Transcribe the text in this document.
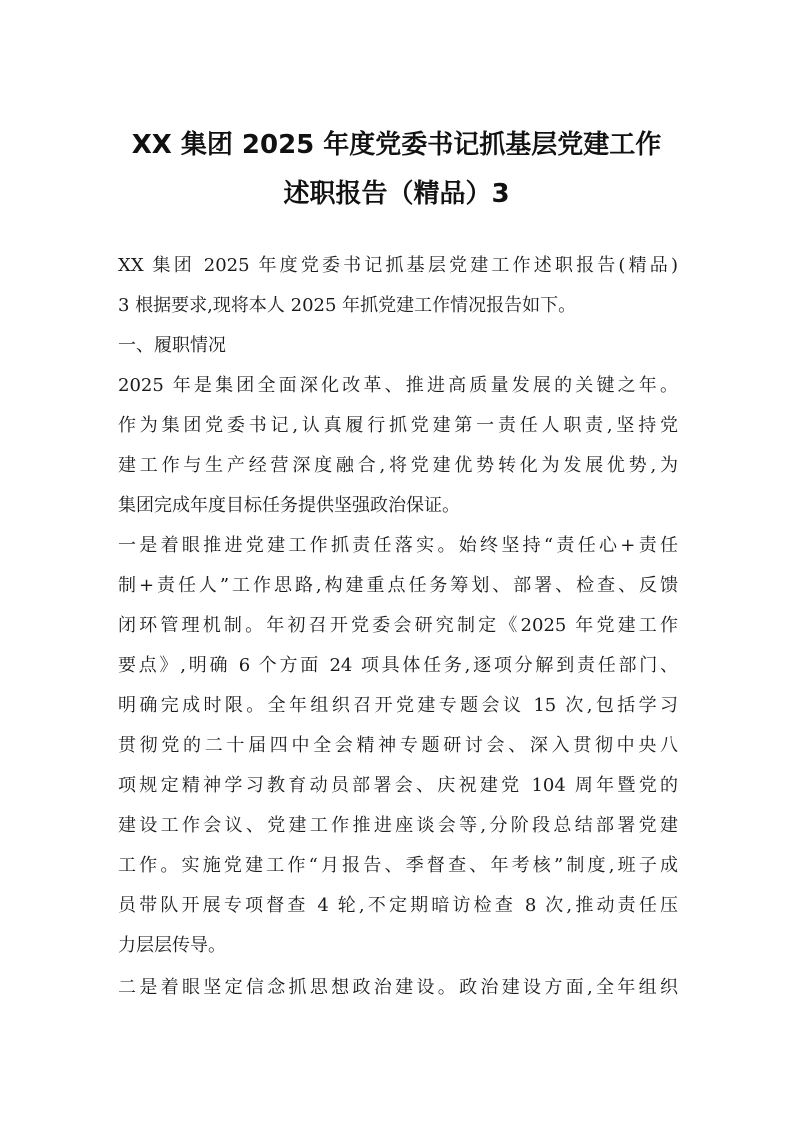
XX 集团 2025 年度党委书记抓基层党建工作
述职报告（精品）3
XX 集团 2025 年度党委书记抓基层党建工作述职报告(精品)
3 根据要求,现将本人 2025 年抓党建工作情况报告如下。
一、履职情况
2025 年是集团全面深化改革、推进高质量发展的关键之年。
作为集团党委书记,认真履行抓党建第一责任人职责,坚持党
建工作与生产经营深度融合,将党建优势转化为发展优势,为
集团完成年度目标任务提供坚强政治保证。
一是着眼推进党建工作抓责任落实。始终坚持“责任心+责任
制+责任人”工作思路,构建重点任务筹划、部署、检查、反馈
闭环管理机制。年初召开党委会研究制定《2025 年党建工作
要点》,明确 6 个方面 24 项具体任务,逐项分解到责任部门、
明确完成时限。全年组织召开党建专题会议 15 次,包括学习
贯彻党的二十届四中全会精神专题研讨会、深入贯彻中央八
项规定精神学习教育动员部署会、庆祝建党 104 周年暨党的
建设工作会议、党建工作推进座谈会等,分阶段总结部署党建
工作。实施党建工作“月报告、季督查、年考核”制度,班子成
员带队开展专项督查 4 轮,不定期暗访检查 8 次,推动责任压
力层层传导。
二是着眼坚定信念抓思想政治建设。政治建设方面,全年组织
